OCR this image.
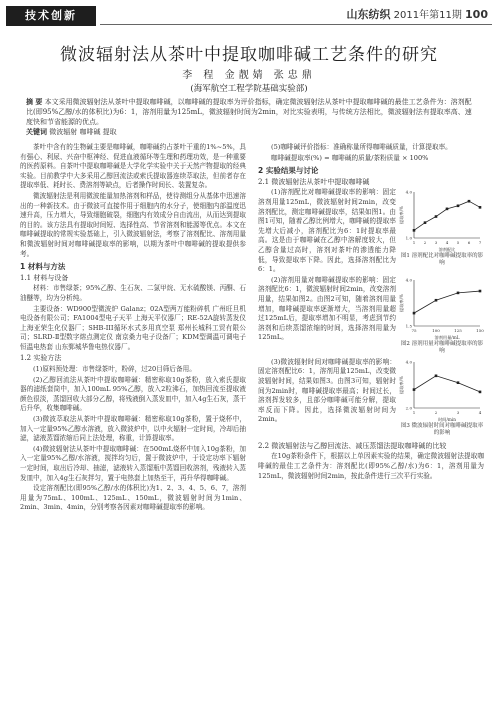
技术创新	山东纺织 2011年第11期 100
微波辐射法从茶叶中提取咖啡碱工艺条件的研究
李 程 金靓婧 张忠鼎
(海军航空工程学院基础实验部)
摘 要 本文采用微波辐射法从茶叶中提取咖啡碱，以咖啡碱的提取率为评价指标，确定微波辐射法从茶叶中提取咖啡碱的最佳工艺条件为：溶剂配比(即95%乙醇/水的体积比)为6：1，溶剂用量为125mL，微波辐射时间为2min，对比实验表明，与传统方法相比，微波辐射法有提取率高、速度快和节省能源的优点。
关键词 微波辐射 咖啡碱 提取

茶叶中含有的生物碱主要是咖啡碱，咖啡碱约占茶叶干重的1%~5%，具有强心、利尿、兴奋中枢神经、促进血液循环等生理和药理功效，是一种重要的医药原料。自茶叶中提取咖啡碱是大学化学实验中关于天然产物提取的经典实验。目前教学中大多采用乙醇回流法或索氏提取器连续萃取法，但前者存在提取率低、耗时长、费溶剂等缺点，后者操作时间长、装置复杂。

微波辐射法是利用微波能量加热溶剂和样品，使待测组分从基体中迅速溶出的一种新技术。由于微波可直接作用于细胞内的水分子，使细胞内部温度迅速升高，压力增大，导致细胞破裂，细胞内有效成分自由流出，从而达到提取的目的。该方法具有提取时间短、选择性高、节省溶剂和能源等优点。本文在咖啡碱提取的常规实验基础上，引入微波辐射法，考察了溶剂配比、溶剂用量和微波辐射时间对咖啡碱提取率的影响，以期为茶叶中咖啡碱的提取提供参考。

1 材料与方法
1.1 材料与设备

材料：市售绿茶；95%乙醇、生石灰、二氯甲烷、无水硫酸镁、丙酮、石油醚等，均为分析纯。

主要设备：WD900型微波炉 Galanz；02A型两万能粉碎机 广州旺旦机电设备有限公司；FA1004型电子天平 上海天平仪器厂；RE-52A旋转蒸发仪 上海亚荣生化仪器厂；SHB-III循环水式多用真空泵 郑州长城科工贸有限公司；SLRD-Ⅱ型数字熔点测定仪 南京桑力电子设备厂；KDM型调温可调电子恒温电热套 山东鄄城华鲁电热仪器厂。

1.2 实验方法

(1)原料预处理：市售绿茶叶，粉碎，过20目筛后备用。

(2)乙醇回流法从茶叶中提取咖啡碱：精密称取10g茶粉，放入索氏提取器的滤纸套筒中，加入100mL 95%乙醇，放入2粒沸石，加热回流至提取液颜色很淡，蒸馏回收大部分乙醇，将残液倒入蒸发皿中，加入4g生石灰，蒸干后升华，收集咖啡碱。

(3)微波萃取法从茶叶中提取咖啡碱：精密称取10g茶粉，置于烧杯中，加入一定量95%乙醇水溶液，放入微波炉中，以中火辐射一定时间，冷却后抽滤，滤液蒸馏浓缩后同上法处理，称重，计算提取率。

(4)微波辐射法从茶叶中提取咖啡碱：在500mL烧杯中加入10g茶粉，加入一定量95%乙醇/水溶液，搅拌均匀后，置于微波炉中，于设定功率下辐射一定时间，取出后冷却、抽滤，滤液转入蒸馏瓶中蒸馏回收溶剂，残液转入蒸发皿中，加入4g生石灰拌匀，置于电热套上加热至干，再升华得咖啡碱。

设定溶剂配比(即95%乙醇/水的体积比)为1、2、3、4、5、6、7，溶剂用量为75mL、100mL、125mL、150mL，微波辐射时间为1min、2min、3min、4min，分别考察各因素对咖啡碱提取率的影响。

(5)咖啡碱评价指标：准确称量所得咖啡碱质量，计算提取率。

咖啡碱提取率(%) = 咖啡碱的质量/茶粉质量 × 100%

2 实验结果与讨论
2.1 微波辐射法从茶叶中提取咖啡碱

(1)溶剂配比对咖啡碱提取率的影响：固定溶剂用量125mL，微波辐射时间2min，改变溶剂配比，测定咖啡碱提取率，结果如图1。由图1可知，随着乙醇比例增大，咖啡碱的提取率先增大后减小，溶剂配比为6：1时提取率最高。这是由于咖啡碱在乙醇中溶解度较大，但乙醇含量过高时，溶剂对茶叶的渗透能力降低，导致提取率下降。因此，选择溶剂配比为6：1。

1 2 3 4 5 6 7
1.0
4.0
溶剂配比
提取率/%
图1 溶剂配比对咖啡碱提取率的影响

(2)溶剂用量对咖啡碱提取率的影响：固定溶剂配比6：1，微波辐射时间2min，改变溶剂用量，结果如图2。由图2可知，随着溶剂用量增加，咖啡碱提取率逐渐增大，当溶剂用量超过125mL后，提取率增加不明显，考虑到节约溶剂和后续蒸馏浓缩的时间，选择溶剂用量为125mL。

75	100	125	150
1.5
4.0
溶剂用量/mL
提取率/%
图2 溶剂用量对咖啡碱提取率的影响

(3)微波辐射时间对咖啡碱提取率的影响：固定溶剂配比6：1，溶剂用量125mL，改变微波辐射时间，结果如图3。由图3可知，辐射时间为2min时，咖啡碱提取率最高；时间过长，溶剂挥发较多，且部分咖啡碱可能分解，提取率反而下降。因此，选择微波辐射时间为2min。

1	2	3	4
2.0
4.0
时间/min
提取率/%
图3 微波辐射时间对咖啡碱提取率的影响
2.2 微波辐射法与乙醇回流法、减压蒸馏法提取咖啡碱的比较

在10g茶粉条件下，根据以上单因素实验的结果，确定微波辐射法提取咖啡碱的最佳工艺条件为：溶剂配比(即95%乙醇/水)为6：1，溶剂用量为125mL，微波辐射时间2min，按此条件进行三次平行实验。
